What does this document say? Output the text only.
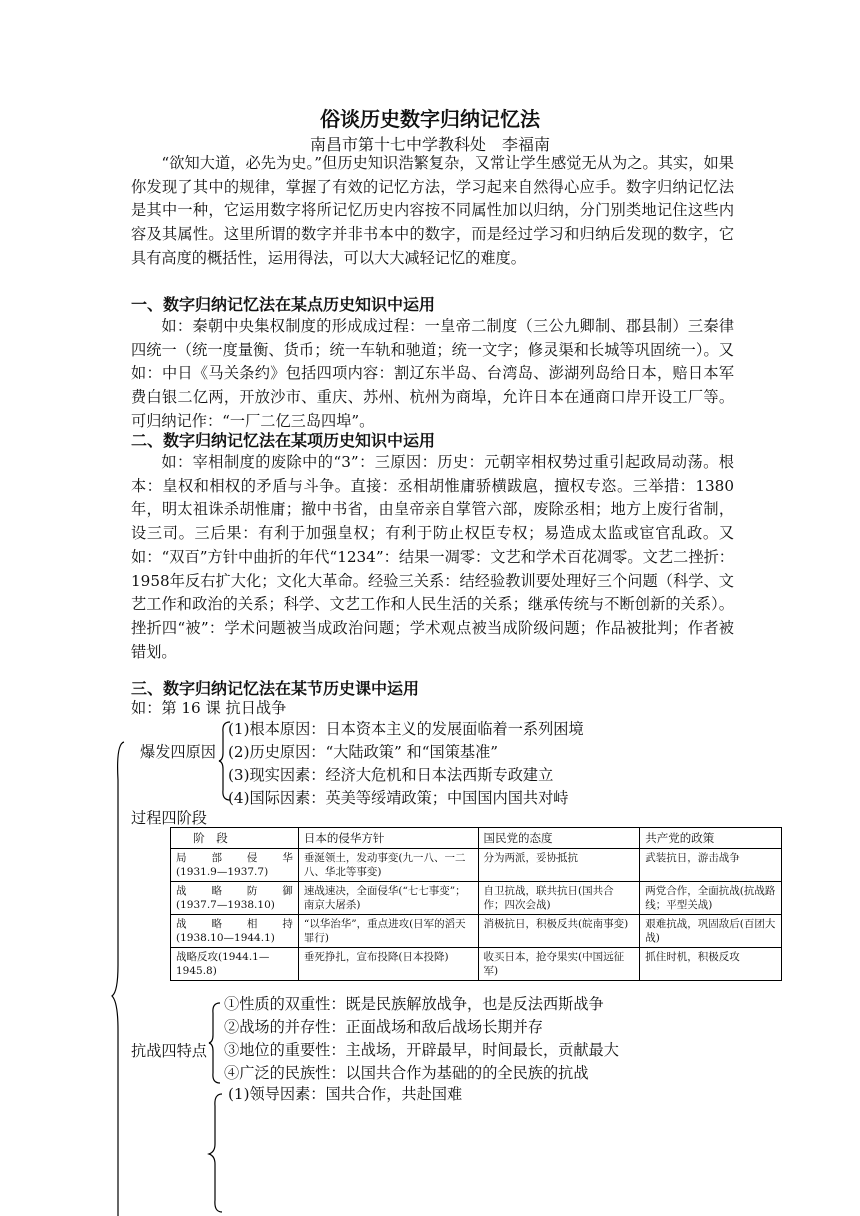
俗谈历史数字归纳记忆法
南昌市第十七中学教科处　李福南
“欲知大道，必先为史。”但历史知识浩繁复杂，又常让学生感觉无从为之。其实，如果你发现了其中的规律，掌握了有效的记忆方法，学习起来自然得心应手。数字归纳记忆法是其中一种，它运用数字将所记忆历史内容按不同属性加以归纳，分门别类地记住这些内容及其属性。这里所谓的数字并非书本中的数字，而是经过学习和归纳后发现的数字，它具有高度的概括性，运用得法，可以大大减轻记忆的难度。
一、数字归纳记忆法在某点历史知识中运用
如：秦朝中央集权制度的形成成过程：一皇帝二制度（三公九卿制、郡县制）三秦律四统一（统一度量衡、货币；统一车轨和驰道；统一文字；修灵渠和长城等巩固统一）。又如：中日《马关条约》包括四项内容：割辽东半岛、台湾岛、澎湖列岛给日本，赔日本军费白银二亿两，开放沙市、重庆、苏州、杭州为商埠，允许日本在通商口岸开设工厂等。可归纳记作：“一厂二亿三岛四埠”。
二、数字归纳记忆法在某项历史知识中运用
如：宰相制度的废除中的“3”：三原因：历史：元朝宰相权势过重引起政局动荡。根本：皇权和相权的矛盾与斗争。直接：丞相胡惟庸骄横跋扈，擅权专恣。三举措：1380年，明太祖诛杀胡惟庸；撤中书省，由皇帝亲自掌管六部，废除丞相；地方上废行省制，设三司。三后果：有利于加强皇权；有利于防止权臣专权；易造成太监或宦官乱政。又如：“双百”方针中曲折的年代“1234”：结果一凋零：文艺和学术百花凋零。文艺二挫折：1958年反右扩大化；文化大革命。经验三关系：结经验教训要处理好三个问题（科学、文艺工作和政治的关系；科学、文艺工作和人民生活的关系；继承传统与不断创新的关系）。挫折四“被”：学术问题被当成政治问题；学术观点被当成阶级问题；作品被批判；作者被错划。
三、数字归纳记忆法在某节历史课中运用
如：第 16 课 抗日战争
爆发四原因
(1)根本原因：日本资本主义的发展面临着一系列困境
(2)历史原因：“大陆政策” 和“国策基准”
(3)现实因素：经济大危机和日本法西斯专政建立
(4)国际因素：英美等绥靖政策；中国国内国共对峙
过程四阶段
阶　段	日本的侵华方针	国民党的态度	共产党的政策

局部侵华
(1931.9—1937.7)	垂涎领土，发动事变(九一八、一二八、华北等事变)	分为两派，妥协抵抗	武装抗日，游击战争

战略防御
(1937.7—1938.10)	速战速决，全面侵华(“七七事变”；南京大屠杀)	自卫抗战，联共抗日(国共合作；四次会战)	两党合作，全面抗战(抗战路线；平型关战)

战略相持
(1938.10—1944.1)	“以华治华”，重点进攻(日军的滔天罪行)	消极抗日，积极反共(皖南事变)	艰难抗战，巩固敌后(百团大战)

战略反攻(1944.1—
1945.8)	垂死挣扎，宣布投降(日本投降)	收买日本，抢夺果实(中国远征军)	抓住时机，积极反攻
抗战四特点
①性质的双重性：既是民族解放战争，也是反法西斯战争
②战场的并存性：正面战场和敌后战场长期并存
③地位的重要性：主战场，开辟最早，时间最长，贡献最大
④广泛的民族性：以国共合作为基础的的全民族的抗战
(1)领导因素：国共合作，共赴国难
